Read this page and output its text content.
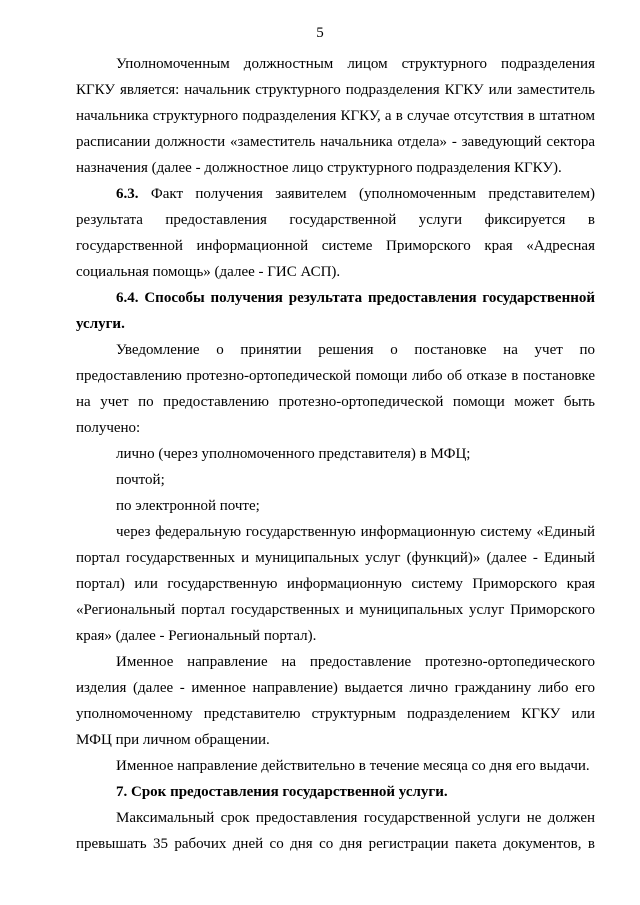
5

Уполномоченным должностным лицом структурного подразделения КГКУ является: начальник структурного подразделения КГКУ или заместитель начальника структурного подразделения КГКУ, а в случае отсутствия в штатном расписании должности «заместитель начальника отдела» - заведующий сектора назначения (далее - должностное лицо структурного подразделения КГКУ).

6.3. Факт получения заявителем (уполномоченным представителем) результата предоставления государственной услуги фиксируется в государственной информационной системе Приморского края «Адресная социальная помощь» (далее - ГИС АСП).

6.4. Способы получения результата предоставления государственной услуги.

Уведомление о принятии решения о постановке на учет по предоставлению протезно-ортопедической помощи либо об отказе в постановке на учет по предоставлению протезно-ортопедической помощи может быть получено:

лично (через уполномоченного представителя) в МФЦ;

почтой;

по электронной почте;

через федеральную государственную информационную систему «Единый портал государственных и муниципальных услуг (функций)» (далее - Единый портал) или государственную информационную систему Приморского края «Региональный портал государственных и муниципальных услуг Приморского края» (далее - Региональный портал).

Именное направление на предоставление протезно-ортопедического изделия (далее - именное направление) выдается лично гражданину либо его уполномоченному представителю структурным подразделением КГКУ или МФЦ при личном обращении.

Именное направление действительно в течение месяца со дня его выдачи.

7. Срок предоставления государственной услуги.

Максимальный срок предоставления государственной услуги не должен превышать 35 рабочих дней со дня со дня регистрации пакета документов, в
